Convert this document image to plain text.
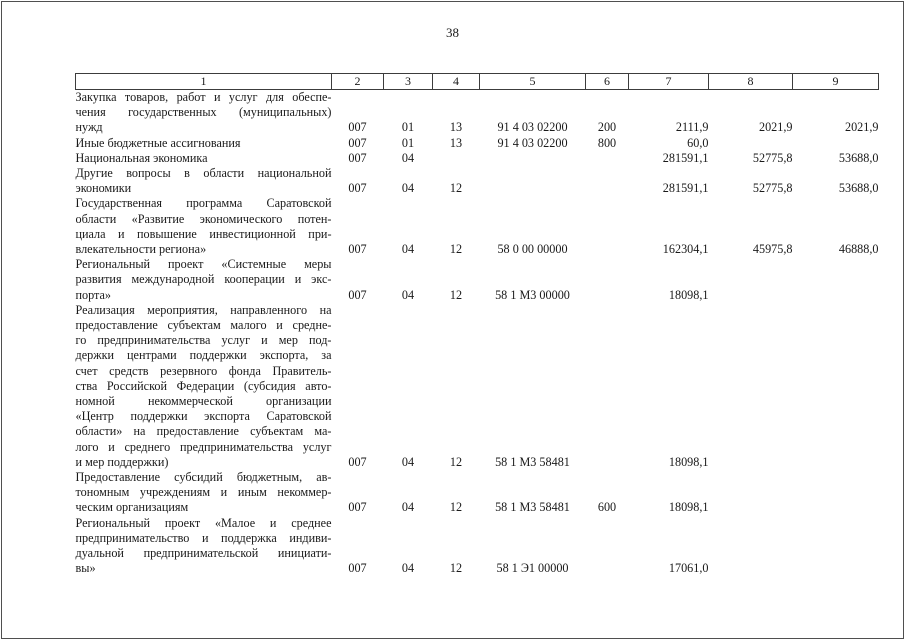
38
1	2	3	4	5	6	7	8	9

Закупка товаров, работ и услуг для обеспе-
чения государственных (муниципальных)
нужд	007	01	13	91 4 03 02200	200	2111,9	2021,9	2021,9

Иные бюджетные ассигнования	007	01	13	91 4 03 02200	800	60,0		

Национальная экономика	007	04				281591,1	52775,8	53688,0

Другие вопросы в области национальной
экономики	007	04	12			281591,1	52775,8	53688,0

Государственная программа Саратовской
области «Развитие экономического потен-
циала и повышение инвестиционной при-
влекательности региона»	007	04	12	58 0 00 00000		162304,1	45975,8	46888,0

Региональный проект «Системные меры
развития международной кооперации и экс-
порта»	007	04	12	58 1 М3 00000		18098,1		

Реализация мероприятия, направленного на
предоставление субъектам малого и средне-
го предпринимательства услуг и мер под-
держки центрами поддержки экспорта, за
счет средств резервного фонда Правитель-
ства Российской Федерации (субсидия авто-
номной некоммерческой организации
«Центр поддержки экспорта Саратовской
области» на предоставление субъектам ма-
лого и среднего предпринимательства услуг
и мер поддержки)	007	04	12	58 1 М3 58481		18098,1		

Предоставление субсидий бюджетным, ав-
тономным учреждениям и иным некоммер-
ческим организациям	007	04	12	58 1 М3 58481	600	18098,1		

Региональный проект «Малое и среднее
предпринимательство и поддержка индиви-
дуальной предпринимательской инициати-
вы»	007	04	12	58 1 Э1 00000		17061,0		
